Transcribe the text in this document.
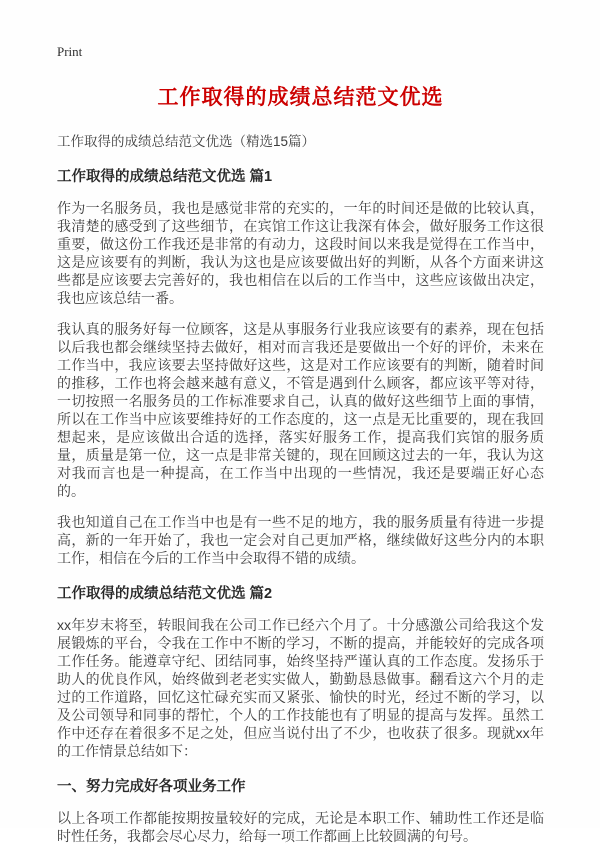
Print
工作取得的成绩总结范文优选
工作取得的成绩总结范文优选（精选15篇）
工作取得的成绩总结范文优选 篇1

作为一名服务员，我也是感觉非常的充实的，一年的时间还是做的比较认真，我清楚的感受到了这些细节，在宾馆工作这让我深有体会，做好服务工作这很重要，做这份工作我还是非常的有动力，这段时间以来我是觉得在工作当中，这是应该要有的判断，我认为这也是应该要做出好的判断，从各个方面来讲这些都是应该要去完善好的，我也相信在以后的工作当中，这些应该做出决定，我也应该总结一番。

我认真的服务好每一位顾客，这是从事服务行业我应该要有的素养，现在包括以后我也都会继续坚持去做好，相对而言我还是要做出一个好的评价，未来在工作当中，我应该要去坚持做好这些，这是对工作应该要有的判断，随着时间的推移，工作也将会越来越有意义，不管是遇到什么顾客，都应该平等对待，一切按照一名服务员的工作标准要求自己，认真的做好这些细节上面的事情，所以在工作当中应该要维持好的工作态度的，这一点是无比重要的，现在我回想起来，是应该做出合适的选择，落实好服务工作，提高我们宾馆的服务质量，质量是第一位，这一点是非常关键的，现在回顾这过去的一年，我认为这对我而言也是一种提高，在工作当中出现的一些情况，我还是要端正好心态的。

我也知道自己在工作当中也是有一些不足的地方，我的服务质量有待进一步提高，新的一年开始了，我也一定会对自己更加严格，继续做好这些分内的本职工作，相信在今后的工作当中会取得不错的成绩。

工作取得的成绩总结范文优选 篇2

xx年岁末将至，转眼间我在公司工作已经六个月了。十分感激公司给我这个发展锻炼的平台，令我在工作中不断的学习，不断的提高，并能较好的完成各项工作任务。能遵章守纪、团结同事，始终坚持严谨认真的工作态度。发扬乐于助人的优良作风，始终做到老老实实做人，勤勤恳恳做事。翻看这六个月的走过的工作道路，回忆这忙碌充实而又紧张、愉快的时光，经过不断的学习，以及公司领导和同事的帮忙，个人的工作技能也有了明显的提高与发挥。虽然工作中还存在着很多不足之处，但应当说付出了不少，也收获了很多。现就xx年的工作情景总结如下：

一、努力完成好各项业务工作

以上各项工作都能按期按量较好的完成，无论是本职工作、辅助性工作还是临时性任务，我都会尽心尽力，给每一项工作都画上比较圆满的句号。
